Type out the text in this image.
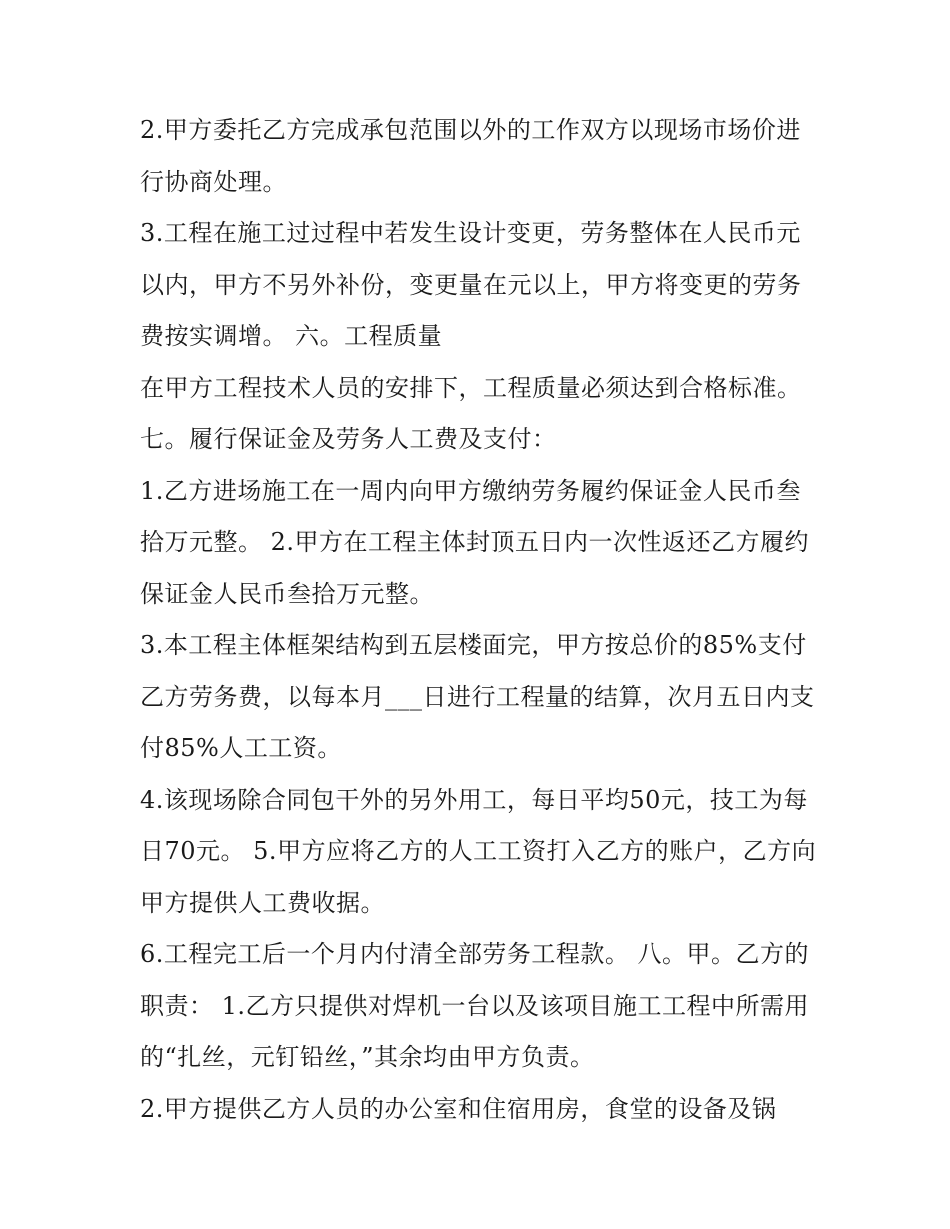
2.甲方委托乙方完成承包范围以外的工作双方以现场市场价进行协商处理。

3.工程在施工过过程中若发生设计变更，劳务整体在人民币元以内，甲方不另外补份，变更量在元以上，甲方将变更的劳务费按实调增。 六。工程质量

在甲方工程技术人员的安排下，工程质量必须达到合格标准。

七。履行保证金及劳务人工费及支付：

1.乙方进场施工在一周内向甲方缴纳劳务履约保证金人民币叁拾万元整。 2.甲方在工程主体封顶五日内一次性返还乙方履约保证金人民币叁拾万元整。

3.本工程主体框架结构到五层楼面完，甲方按总价的85%支付乙方劳务费，以每本月___日进行工程量的结算，次月五日内支付85%人工工资。

4.该现场除合同包干外的另外用工，每日平均50元，技工为每日70元。 5.甲方应将乙方的人工工资打入乙方的账户，乙方向甲方提供人工费收据。

6.工程完工后一个月内付清全部劳务工程款。 八。甲。乙方的职责： 1.乙方只提供对焊机一台以及该项目施工工程中所需用的“扎丝，元钉铅丝，”其余均由甲方负责。

2.甲方提供乙方人员的办公室和住宿用房，食堂的设备及锅
